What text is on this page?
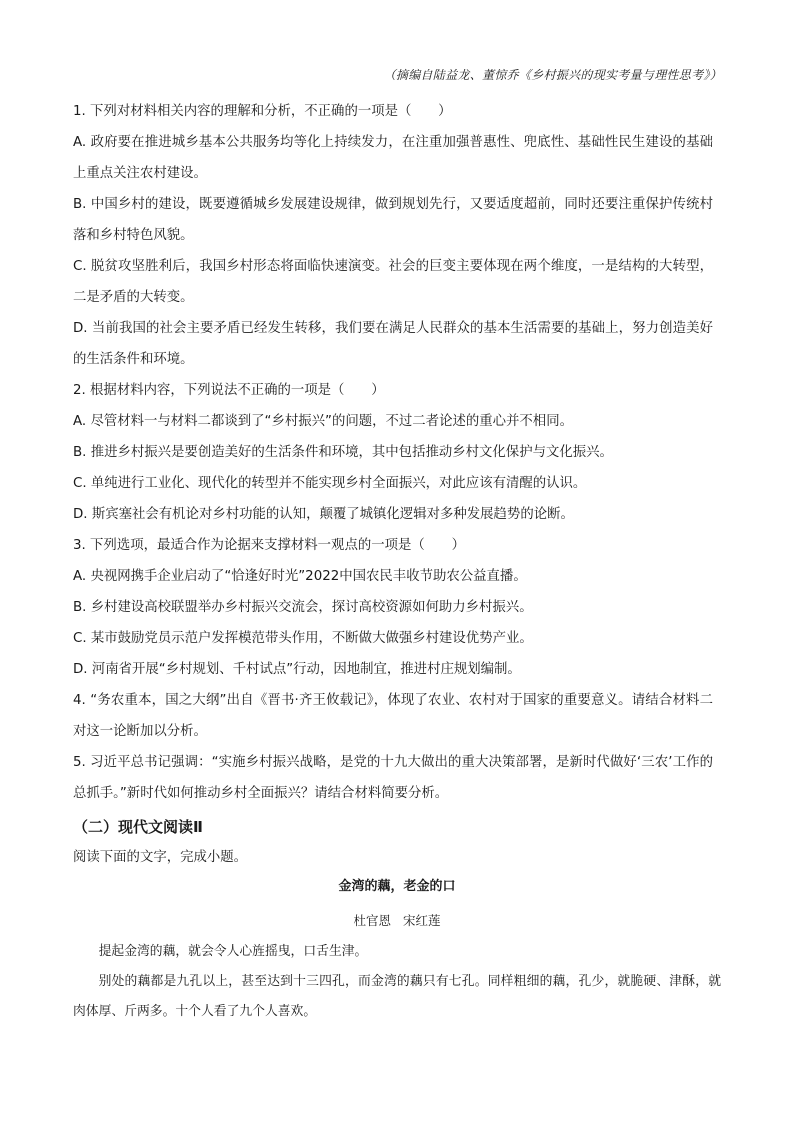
（摘编自陆益龙、董惊乔《乡村振兴的现实考量与理性思考》）

1. 下列对材料相关内容的理解和分析，不正确的一项是（　　）

A. 政府要在推进城乡基本公共服务均等化上持续发力，在注重加强普惠性、兜底性、基础性民生建设的基础上重点关注农村建设。

B. 中国乡村的建设，既要遵循城乡发展建设规律，做到规划先行，又要适度超前，同时还要注重保护传统村落和乡村特色风貌。

C. 脱贫攻坚胜利后，我国乡村形态将面临快速演变。社会的巨变主要体现在两个维度，一是结构的大转型，二是矛盾的大转变。

D. 当前我国的社会主要矛盾已经发生转移，我们要在满足人民群众的基本生活需要的基础上，努力创造美好的生活条件和环境。

2. 根据材料内容，下列说法不正确的一项是（　　）

A. 尽管材料一与材料二都谈到了“乡村振兴”的问题，不过二者论述的重心并不相同。

B. 推进乡村振兴是要创造美好的生活条件和环境，其中包括推动乡村文化保护与文化振兴。

C. 单纯进行工业化、现代化的转型并不能实现乡村全面振兴，对此应该有清醒的认识。

D. 斯宾塞社会有机论对乡村功能的认知，颠覆了城镇化逻辑对多种发展趋势的论断。

3. 下列选项，最适合作为论据来支撑材料一观点的一项是（　　）

A. 央视网携手企业启动了“恰逢好时光”2022中国农民丰收节助农公益直播。

B. 乡村建设高校联盟举办乡村振兴交流会，探讨高校资源如何助力乡村振兴。

C. 某市鼓励党员示范户发挥模范带头作用，不断做大做强乡村建设优势产业。

D. 河南省开展“乡村规划、千村试点”行动，因地制宜，推进村庄规划编制。

4. “务农重本，国之大纲”出自《晋书·齐王攸载记》，体现了农业、农村对于国家的重要意义。请结合材料二对这一论断加以分析。

5. 习近平总书记强调：“实施乡村振兴战略，是党的十九大做出的重大决策部署，是新时代做好‘三农’工作的总抓手。”新时代如何推动乡村全面振兴？请结合材料简要分析。

（二）现代文阅读Ⅱ
阅读下面的文字，完成小题。
金湾的藕，老金的口
杜官恩 宋红莲

提起金湾的藕，就会令人心旌摇曳，口舌生津。

别处的藕都是九孔以上，甚至达到十三四孔，而金湾的藕只有七孔。同样粗细的藕，孔少，就脆硬、津酥，就肉体厚、斤两多。十个人看了九个人喜欢。
